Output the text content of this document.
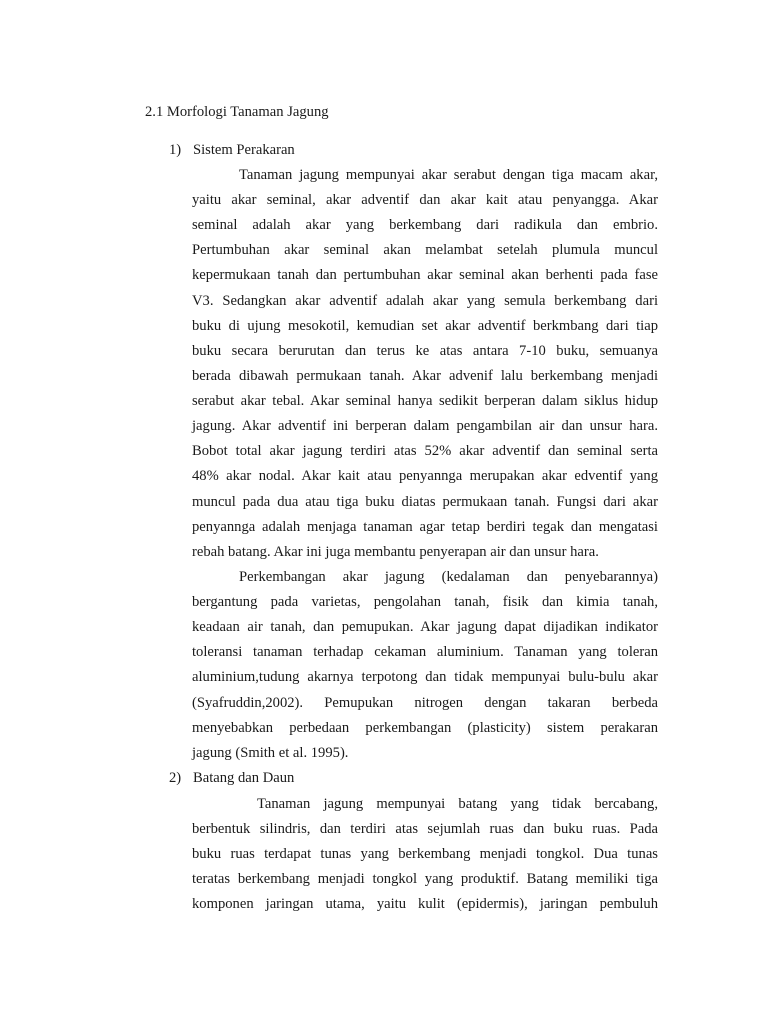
2.1 Morfologi Tanaman Jagung
1) Sistem Perakaran
Tanaman jagung mempunyai akar serabut dengan tiga macam akar,
yaitu akar seminal, akar adventif dan akar kait atau penyangga. Akar
seminal adalah akar yang berkembang dari radikula dan embrio.
Pertumbuhan akar seminal akan melambat setelah plumula muncul
kepermukaan tanah dan pertumbuhan akar seminal akan berhenti pada fase
V3. Sedangkan akar adventif adalah akar yang semula berkembang dari
buku di ujung mesokotil, kemudian set akar adventif berkmbang dari tiap
buku secara berurutan dan terus ke atas antara 7-10 buku, semuanya
berada dibawah permukaan tanah. Akar advenif lalu berkembang menjadi
serabut akar tebal. Akar seminal hanya sedikit berperan dalam siklus hidup
jagung. Akar adventif ini berperan dalam pengambilan air dan unsur hara.
Bobot total akar jagung terdiri atas 52% akar adventif dan seminal serta
48% akar nodal. Akar kait atau penyannga merupakan akar edventif yang
muncul pada dua atau tiga buku diatas permukaan tanah. Fungsi dari akar
penyannga adalah menjaga tanaman agar tetap berdiri tegak dan mengatasi
rebah batang. Akar ini juga membantu penyerapan air dan unsur hara.
Perkembangan akar jagung (kedalaman dan penyebarannya)
bergantung pada varietas, pengolahan tanah, fisik dan kimia tanah,
keadaan air tanah, dan pemupukan. Akar jagung dapat dijadikan indikator
toleransi tanaman terhadap cekaman aluminium. Tanaman yang toleran
aluminium,tudung akarnya terpotong dan tidak mempunyai bulu-bulu akar
(Syafruddin,2002). Pemupukan nitrogen dengan takaran berbeda
menyebabkan perbedaan perkembangan (plasticity) sistem perakaran
jagung (Smith et al. 1995).
2) Batang dan Daun
Tanaman jagung mempunyai batang yang tidak bercabang,
berbentuk silindris, dan terdiri atas sejumlah ruas dan buku ruas. Pada
buku ruas terdapat tunas yang berkembang menjadi tongkol. Dua tunas
teratas berkembang menjadi tongkol yang produktif. Batang memiliki tiga
komponen jaringan utama, yaitu kulit (epidermis), jaringan pembuluh
